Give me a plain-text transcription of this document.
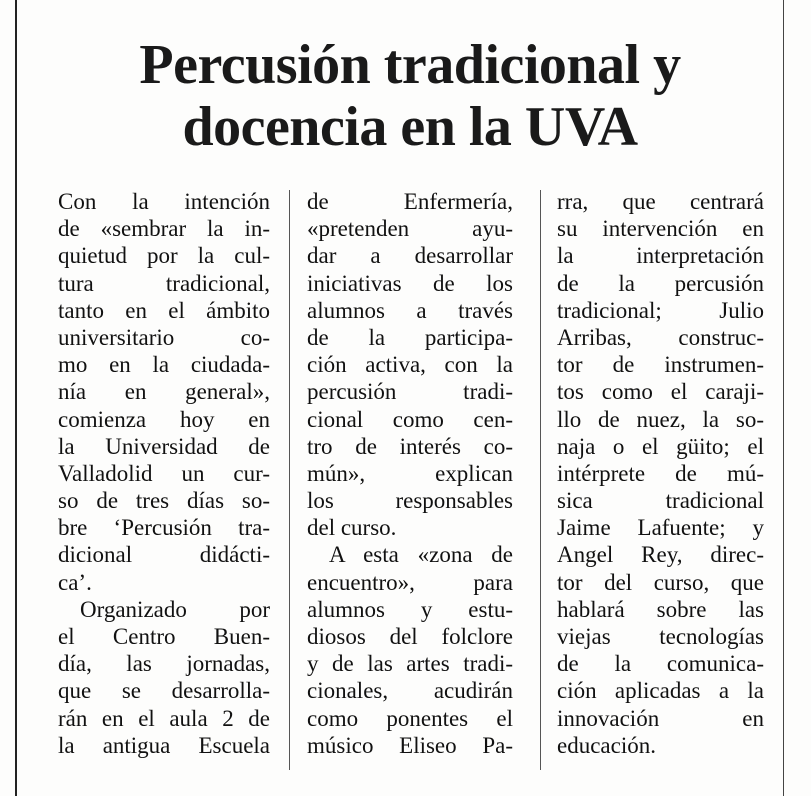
Percusión tradicional y
docencia en la UVA
Con la intención
de «sembrar la in-
quietud por la cul-
tura tradicional,
tanto en el ámbito
universitario co-
mo en la ciudada-
nía en general»,
comienza hoy en
la Universidad de
Valladolid un cur-
so de tres días so-
bre ‘Percusión tra-
dicional didácti-
ca’.
Organizado por
el Centro Buen-
día, las jornadas,
que se desarrolla-
rán en el aula 2 de
la antigua Escuela
de Enfermería,
«pretenden ayu-
dar a desarrollar
iniciativas de los
alumnos a través
de la participa-
ción activa, con la
percusión tradi-
cional como cen-
tro de interés co-
mún», explican
los responsables
del curso.
A esta «zona de
encuentro», para
alumnos y estu-
diosos del folclore
y de las artes tradi-
cionales, acudirán
como ponentes el
músico Eliseo Pa-
rra, que centrará
su intervención en
la interpretación
de la percusión
tradicional; Julio
Arribas, construc-
tor de instrumen-
tos como el caraji-
llo de nuez, la so-
naja o el güito; el
intérprete de mú-
sica tradicional
Jaime Lafuente; y
Angel Rey, direc-
tor del curso, que
hablará sobre las
viejas tecnologías
de la comunica-
ción aplicadas a la
innovación en
educación.
